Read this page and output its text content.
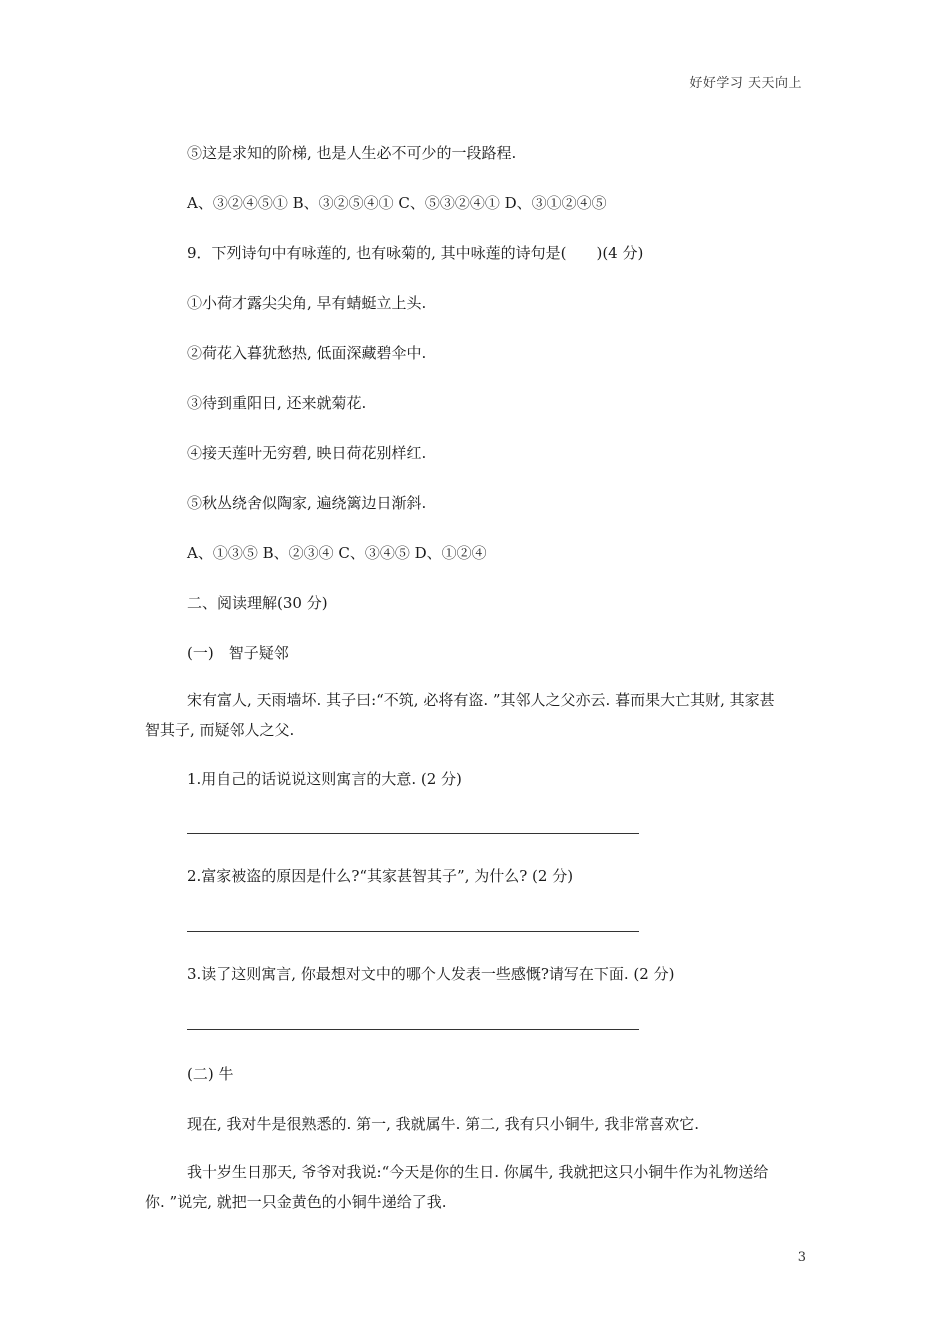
好好学习 天天向上
⑤这是求知的阶梯, 也是人生必不可少的一段路程.
A、③②④⑤① B、③②⑤④① C、⑤③②④① D、③①②④⑤
9．下列诗句中有咏莲的, 也有咏菊的, 其中咏莲的诗句是(　　)(4 分)
①小荷才露尖尖角, 早有蜻蜓立上头.
②荷花入暮犹愁热, 低面深藏碧伞中.
③待到重阳日, 还来就菊花.
④接天莲叶无穷碧, 映日荷花别样红.
⑤秋丛绕舍似陶家, 遍绕篱边日渐斜.
A、①③⑤ B、②③④ C、③④⑤ D、①②④
二、阅读理解(30 分)
(一)　智子疑邻
宋有富人, 天雨墙坏. 其子曰:“不筑, 必将有盗. ”其邻人之父亦云. 暮而果大亡其财, 其家甚智其子, 而疑邻人之父.
1.用自己的话说说这则寓言的大意. (2 分)
2.富家被盗的原因是什么?“其家甚智其子”, 为什么? (2 分)
3.读了这则寓言, 你最想对文中的哪个人发表一些感慨?请写在下面. (2 分)
(二) 牛
现在, 我对牛是很熟悉的. 第一, 我就属牛. 第二, 我有只小铜牛, 我非常喜欢它.
我十岁生日那天, 爷爷对我说:“今天是你的生日. 你属牛, 我就把这只小铜牛作为礼物送给你. ”说完, 就把一只金黄色的小铜牛递给了我.
3
